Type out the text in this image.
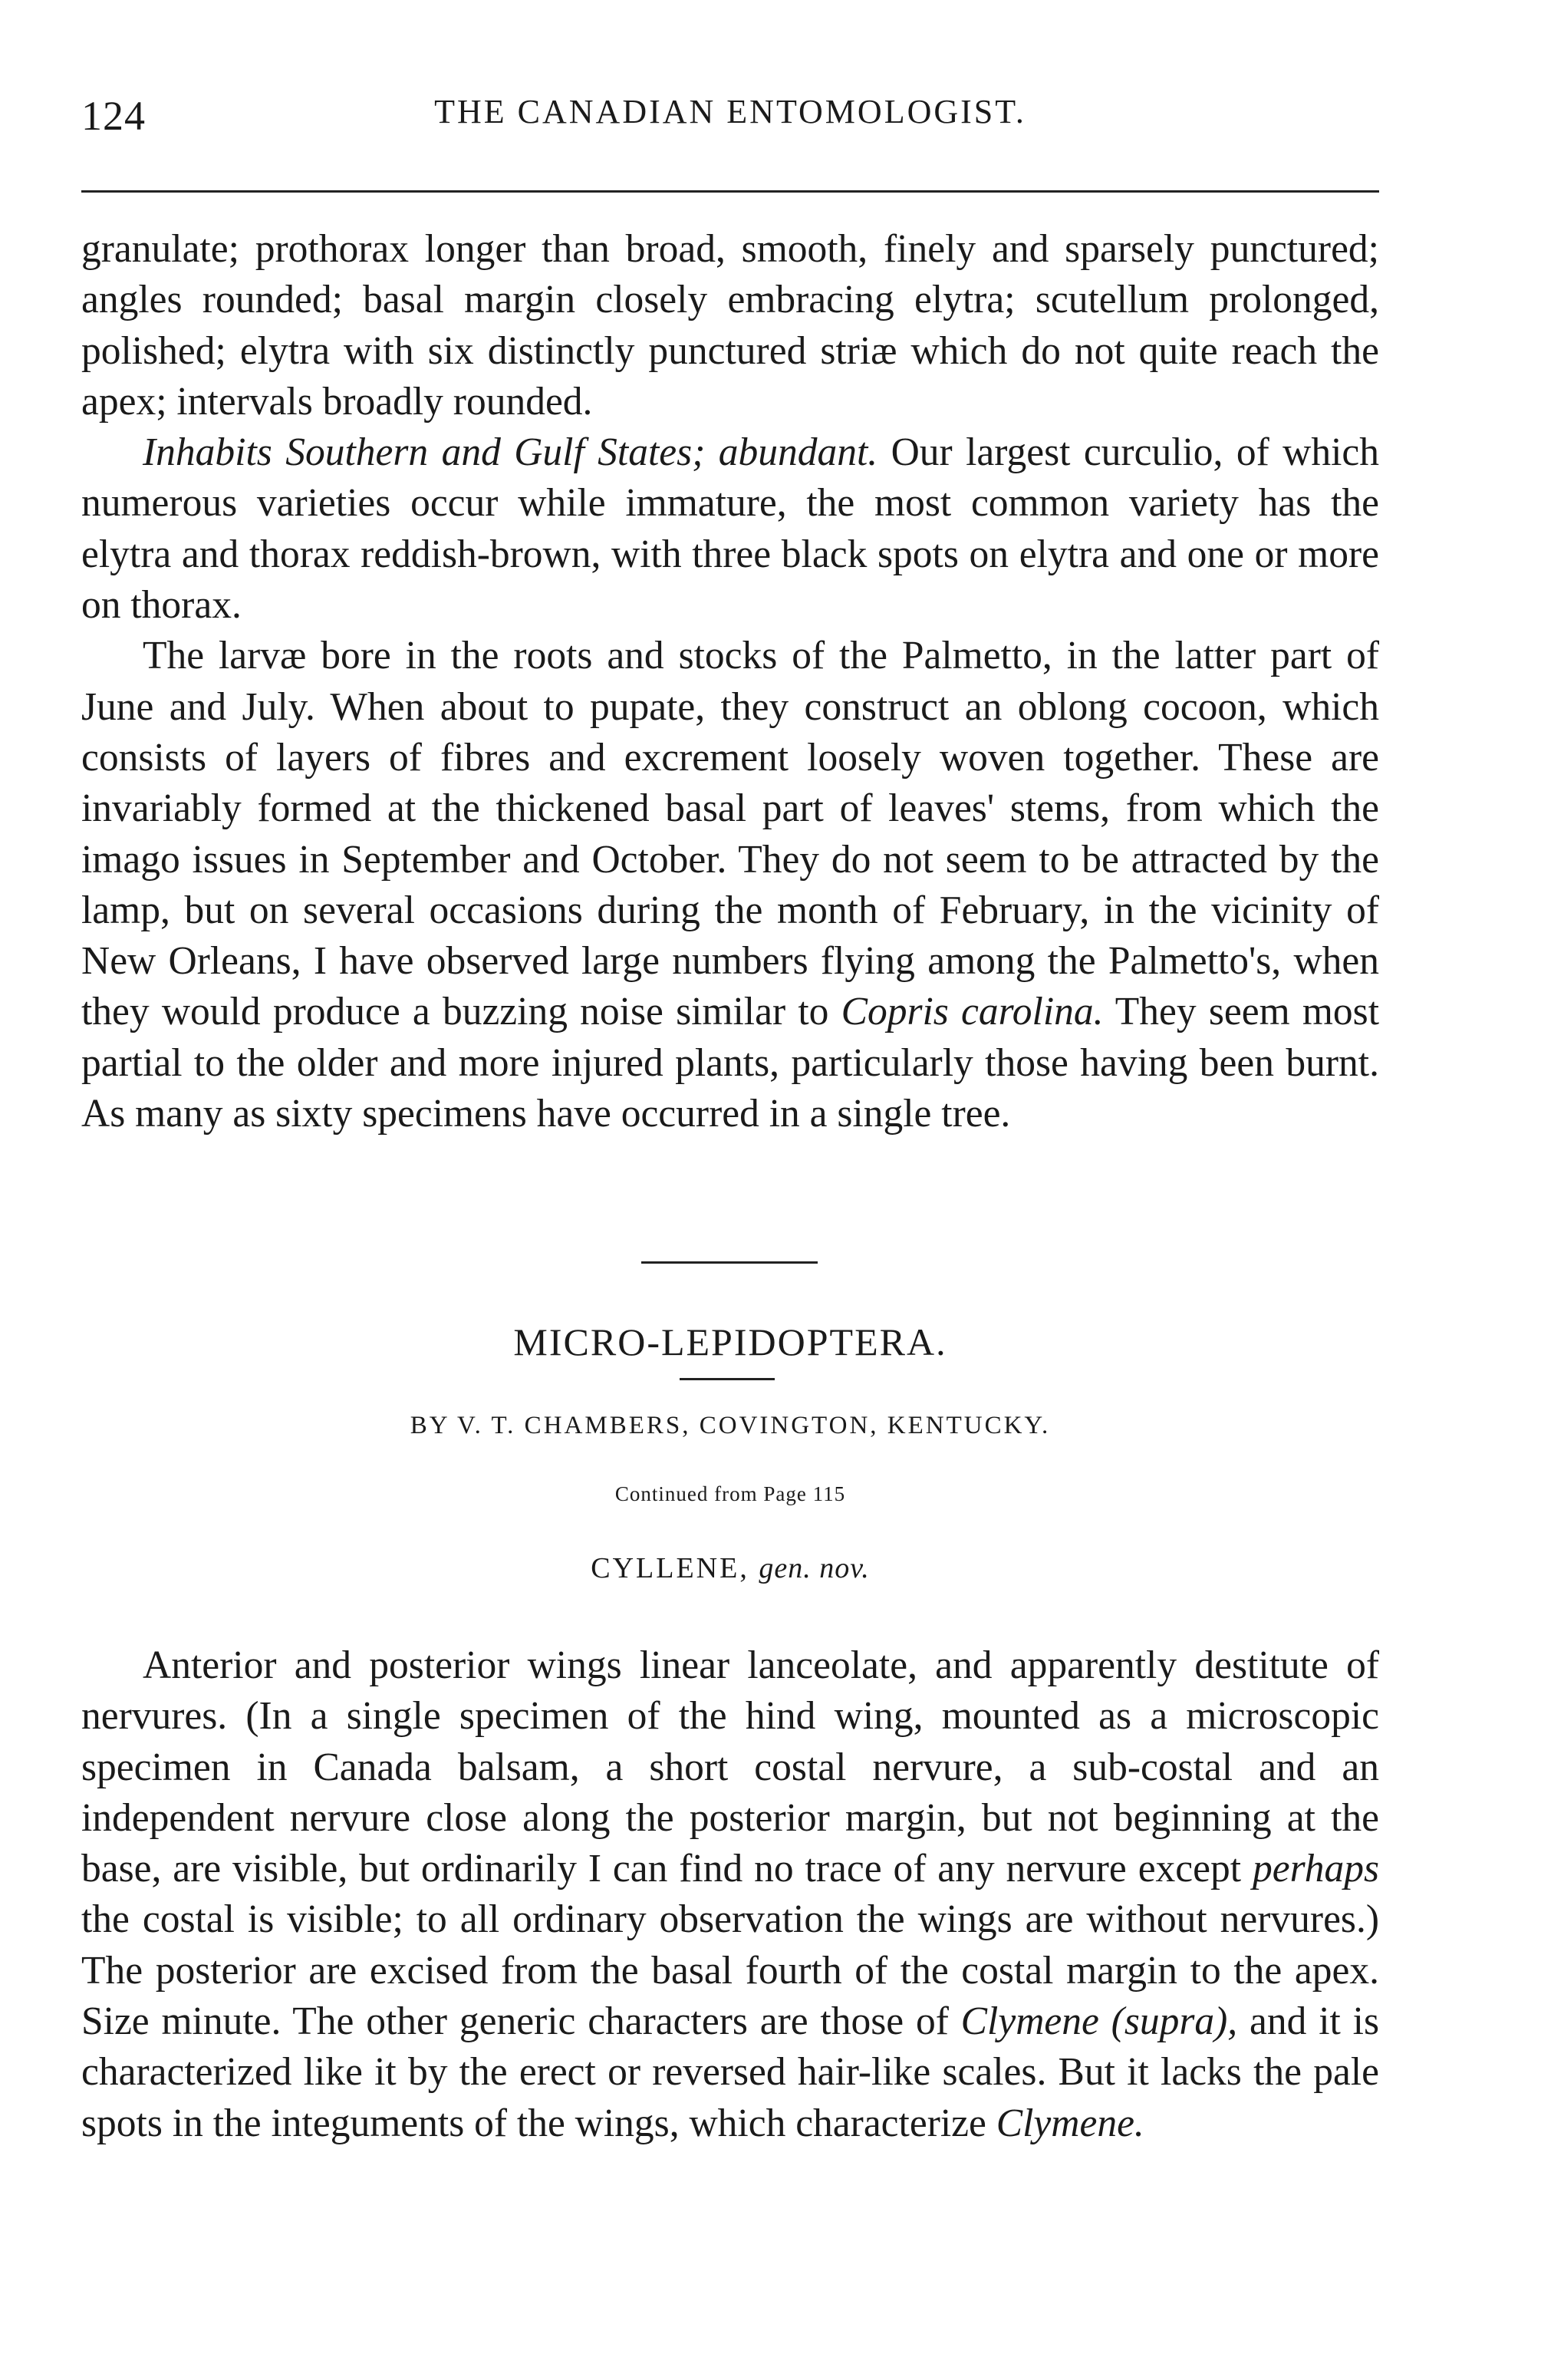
124	THE CANADIAN ENTOMOLOGIST.

granulate; prothorax longer than broad, smooth, finely and sparsely punctured; angles rounded; basal margin closely embracing elytra; scutellum prolonged, polished; elytra with six distinctly punctured striæ which do not quite reach the apex; intervals broadly rounded.

Inhabits Southern and Gulf States; abundant. Our largest curculio, of which numerous varieties occur while immature, the most common variety has the elytra and thorax reddish-brown, with three black spots on elytra and one or more on thorax.

The larvæ bore in the roots and stocks of the Palmetto, in the latter part of June and July. When about to pupate, they construct an oblong cocoon, which consists of layers of fibres and excrement loosely woven together. These are invariably formed at the thickened basal part of leaves' stems, from which the imago issues in September and October. They do not seem to be attracted by the lamp, but on several occasions during the month of February, in the vicinity of New Orleans, I have observed large numbers flying among the Palmetto's, when they would produce a buzzing noise similar to Copris carolina. They seem most partial to the older and more injured plants, particularly those having been burnt. As many as sixty specimens have occurred in a single tree.

MICRO-LEPIDOPTERA.
BY V. T. CHAMBERS, COVINGTON, KENTUCKY.
Continued from Page 115
CYLLENE, gen. nov.

Anterior and posterior wings linear lanceolate, and apparently destitute of nervures. (In a single specimen of the hind wing, mounted as a microscopic specimen in Canada balsam, a short costal nervure, a sub-costal and an independent nervure close along the posterior margin, but not beginning at the base, are visible, but ordinarily I can find no trace of any nervure except perhaps the costal is visible; to all ordinary observation the wings are without nervures.) The posterior are excised from the basal fourth of the costal margin to the apex. Size minute. The other generic characters are those of Clymene (supra), and it is characterized like it by the erect or reversed hair-like scales. But it lacks the pale spots in the integuments of the wings, which characterize Clymene.
